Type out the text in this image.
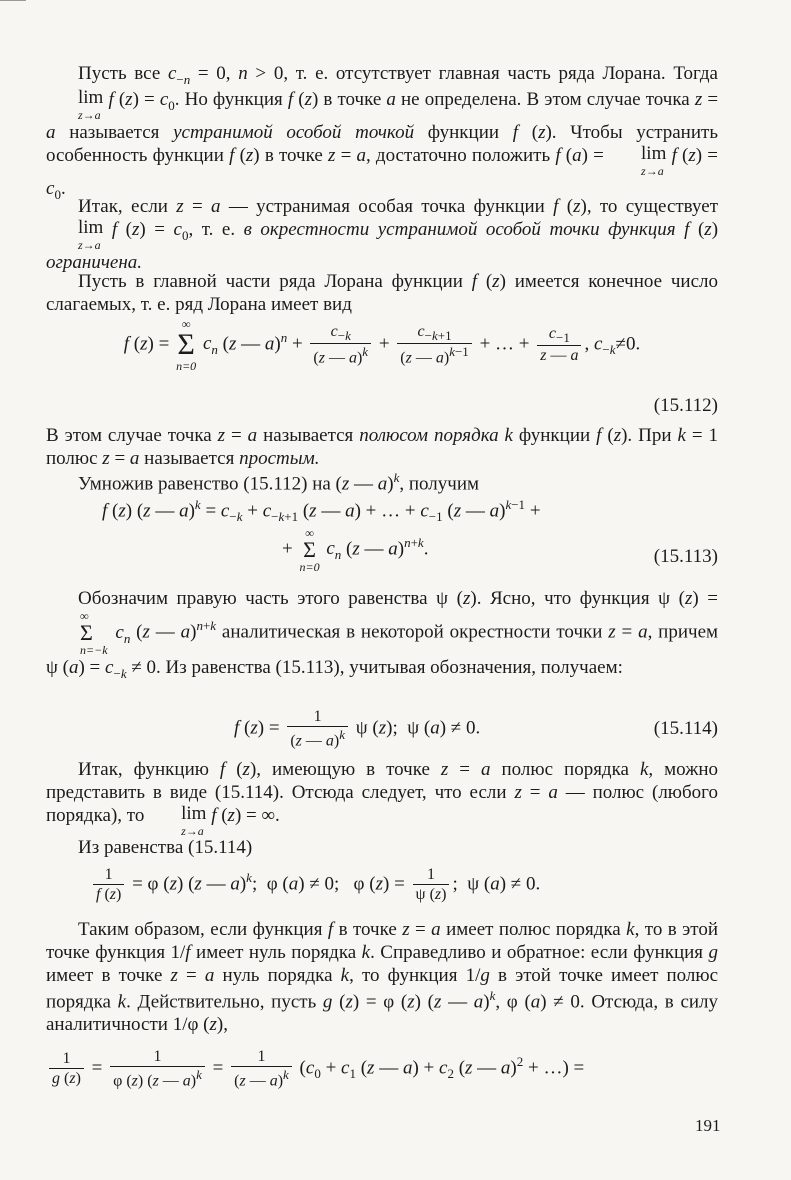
Пусть все $c_{-n} = 0$, n > 0, т. е. отсутствует главная часть ряда Лорана. Тогда
lim
z→a
f $(z) = c_0$. Но функция f (z) в точке a не определена. В этом случае точка z = a называется устранимой особой точкой функции f (z). Чтобы устранить особенность функции f (z) в точке z = a, достаточно положить f (a) =	lim
z→a
f $(z) = c_0$.

Итак, если z = a — устранимая особая точка функции f (z), то существует
lim
z→a
f $(z) = c_0$, т. е. в окрестности устранимой особой точки функция f (z) ограничена.

Пусть в главной части ряда Лорана функции f (z) имеется конечное число слагаемых, т. е. ряд Лорана имеет вид

f (z) =
∞
Σ
n=0
$c_n$ (z — $a)^n + \frac{c_{-k}}{(z — a)^k} + \frac{c_{-k+1}}{(z — a)^{k-1}}$ + … + $\frac{c_{-1}}{z — a}$ , $c_{-k}\ne 0$.
(15.112)

В этом случае точка z = a называется полюсом порядка k функции f (z). При k = 1 полюс z = a называется простым.

Умножив равенство (15.112) на (z — a)$^k$, получим

f (z) (z — $a)^k = c_{-k} + c_{-k+1}$ (z — a) + … + $c_{-1}$ (z — a)$^{k-1}$ +
+
∞
Σ
n=0
$c_n$ (z — a)$^{n+k}$.	(15.113)

Обозначим правую часть этого равенства ψ (z). Ясно, что функция ψ (z) =
∞
Σ
n=−k
$c_n$ (z — a)$^{n+k}$ аналитическая в некоторой окрестности точки z = a, причем ψ $(a) = c_{-k} \ne 0$. Из равенства (15.113), учитывая обозначения, получаем:

f $(z) = \frac{1}{(z — a)^k}$ ψ (z);  ψ (a) ≠ 0.	(15.114)

Итак, функцию f (z), имеющую в точке z = a полюс порядка k, можно представить в виде (15.114). Отсюда следует, что если z = a — полюс (любого порядка), то	lim
z→a
f (z) = ∞.

Из равенства (15.114)

$\frac{1}{f (z)} = \varphi$ (z) (z — a)$^k$;  φ (a) ≠ 0;   φ $(z) = \frac{1}{\psi (z)}$ ;  ψ (a) ≠ 0.

Таким образом, если функция f в точке z = a имеет полюс порядка k, то в этой точке функция 1/f имеет нуль порядка k. Справедливо и обратное: если функция g имеет в точке z = a нуль порядка k, то функция 1/g в этой точке имеет полюс порядка k. Действительно, пусть g (z) = φ (z) (z — a)$^k$, φ (a) ≠ 0. Отсюда, в силу аналитичности 1/φ (z),

$\frac{1}{g (z)} = \frac{1}{\varphi (z) (z — a)^k} = \frac{1}{(z — a)^k} (c_0 + c_1$ (z — $a) + c_2$ (z — a)$^2$ + …) =
191
